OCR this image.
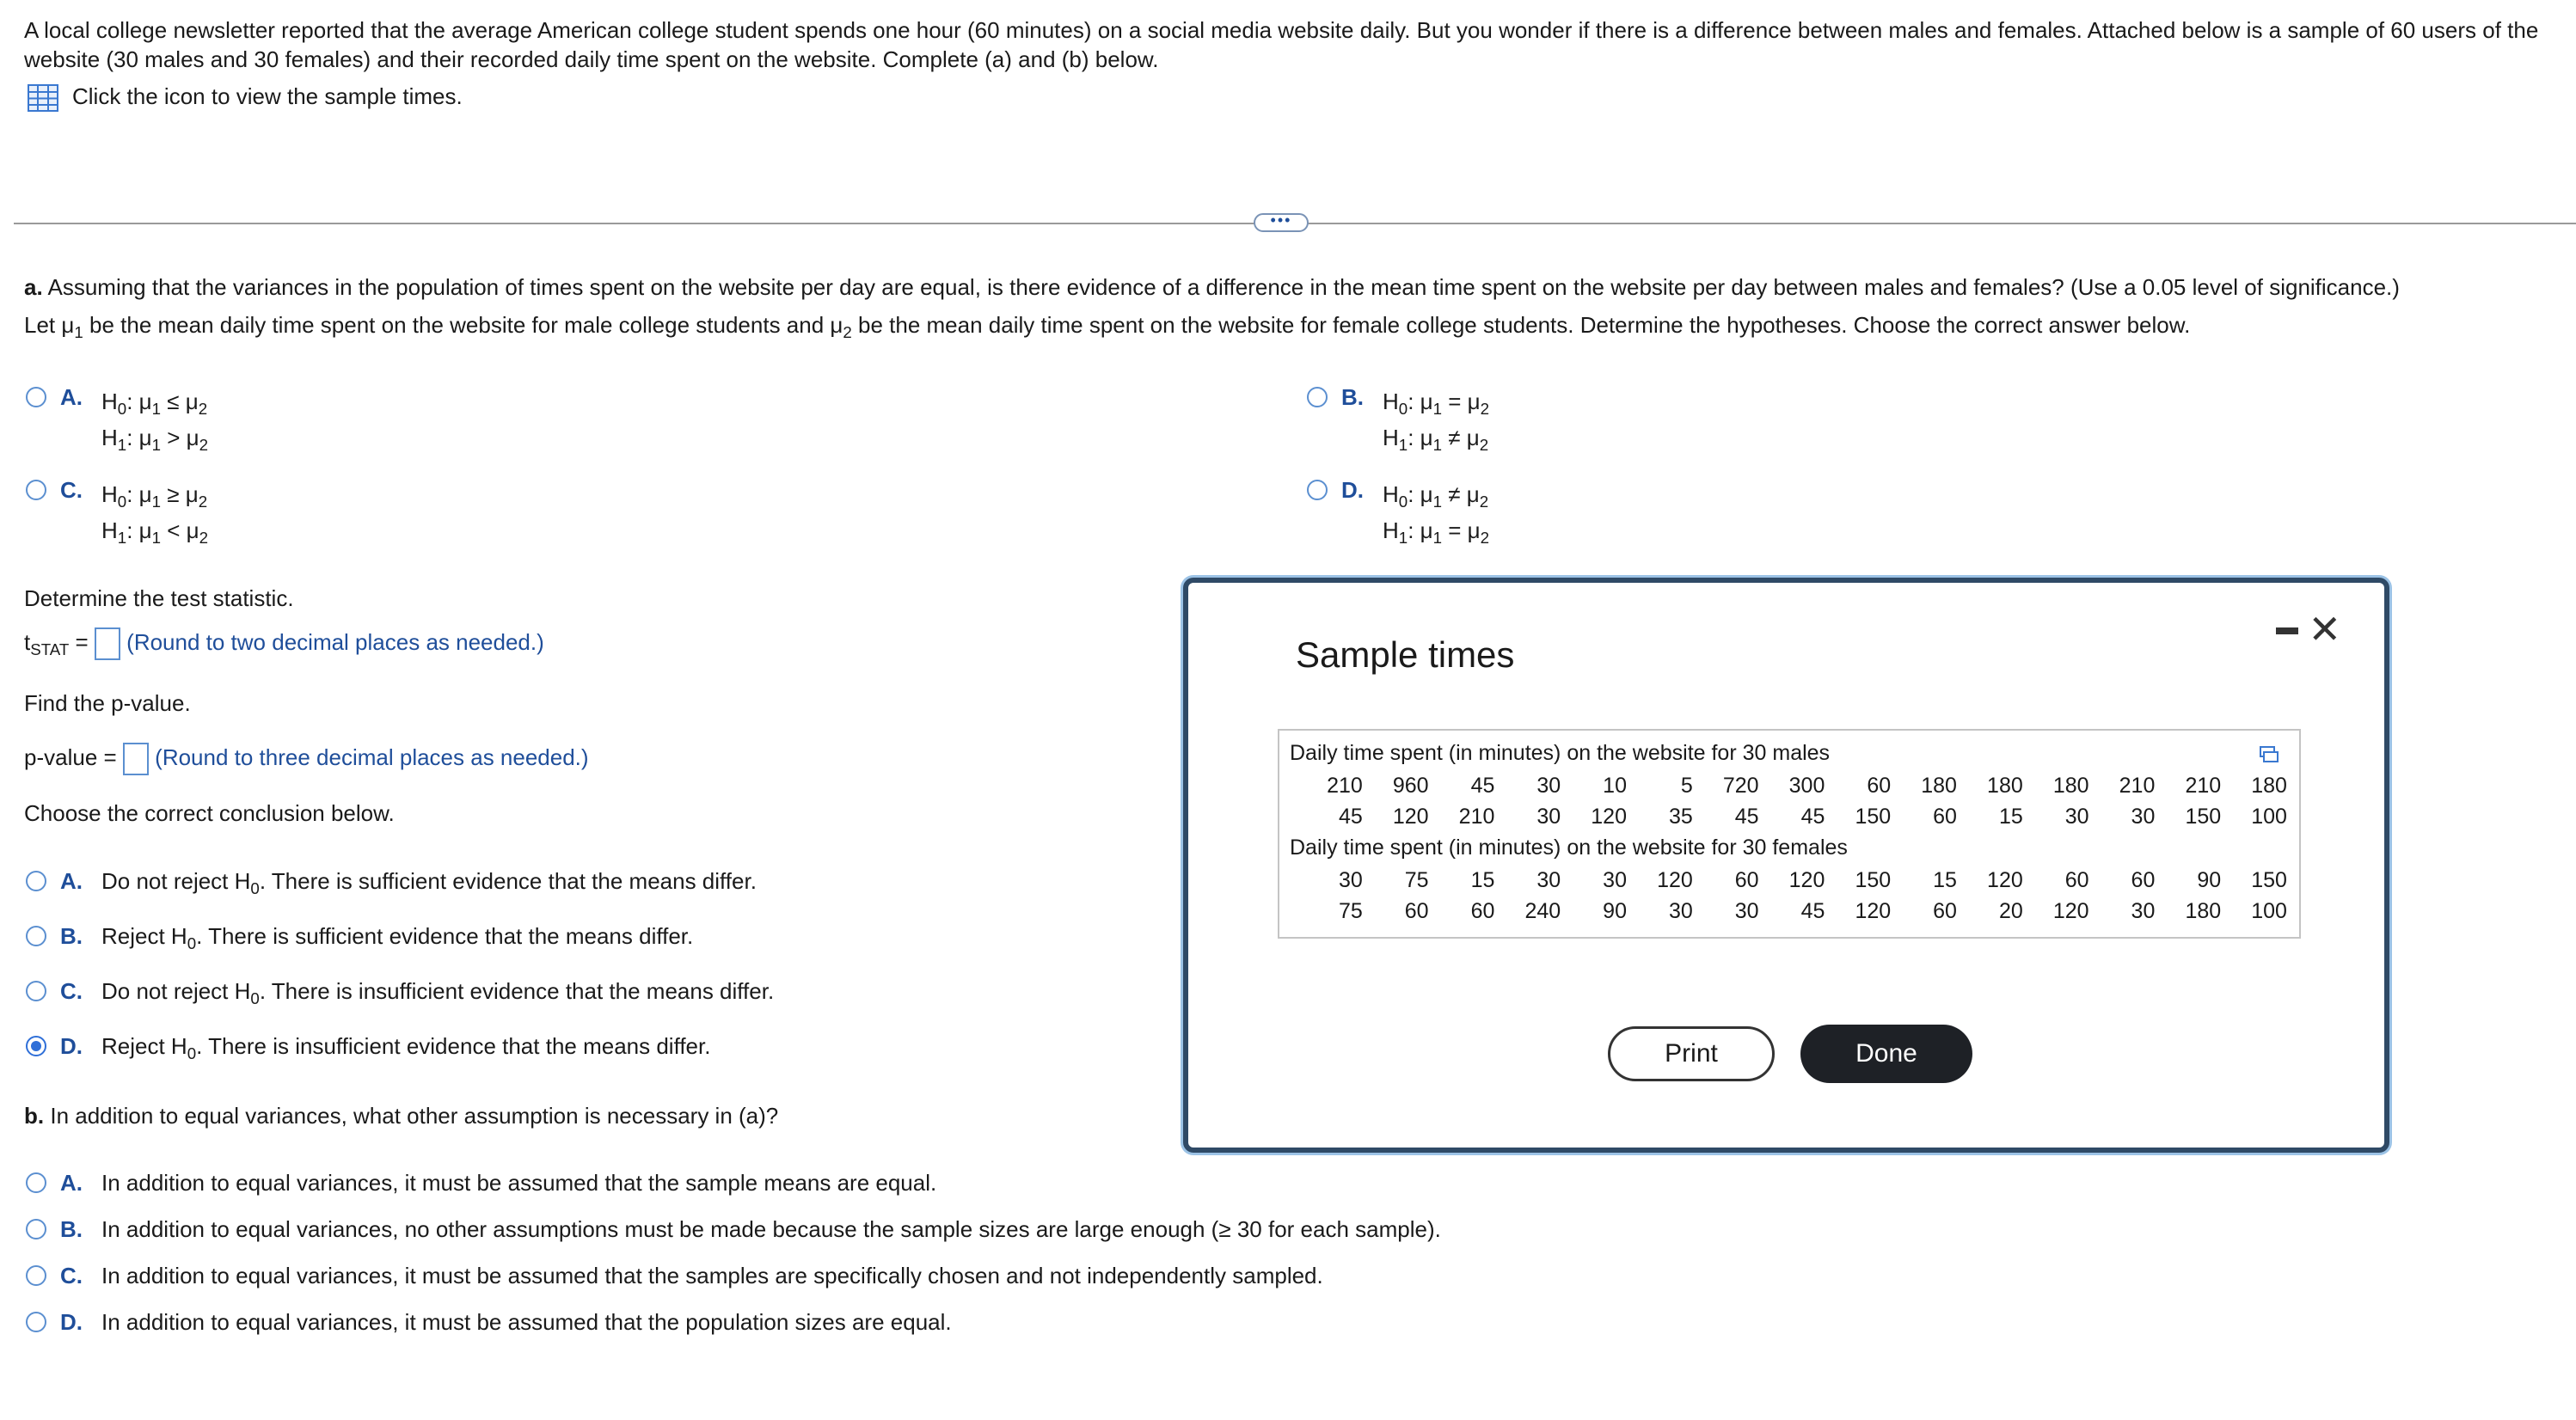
A local college newsletter reported that the average American college student spends one hour (60 minutes) on a social media website daily. But you wonder if there is a difference between males and females. Attached below is a sample of 60 users of the website (30 males and 30 females) and their recorded daily time spent on the website. Complete (a) and (b) below.
Click the icon to view the sample times.
•••
a. Assuming that the variances in the population of times spent on the website per day are equal, is there evidence of a difference in the mean time spent on the website per day between males and females? (Use a 0.05 level of significance.)
Let $\mu_1$ be the mean daily time spent on the website for male college students and $\mu_2$ be the mean daily time spent on the website for female college students. Determine the hypotheses. Choose the correct answer below.
A. $H_0$: $\mu_1 \le \mu_2$
$H_1$: $\mu_1 > \mu_2$
B. $H_0$: $\mu_1 = \mu_2$
$H_1$: $\mu_1 \ne \mu_2$
C. $H_0$: $\mu_1 \ge \mu_2$
$H_1$: $\mu_1 < \mu_2$
D. $H_0$: $\mu_1 \ne \mu_2$
$H_1$: $\mu_1 = \mu_2$
Determine the test statistic.
$t_{STAT}$ = (Round to two decimal places as needed.)
Find the p-value.
p-value = (Round to three decimal places as needed.)
Choose the correct conclusion below.
A. Do not reject $H_0$. There is sufficient evidence that the means differ.
B. Reject $H_0$. There is sufficient evidence that the means differ.
C. Do not reject $H_0$. There is insufficient evidence that the means differ.
D. Reject $H_0$. There is insufficient evidence that the means differ.
b. In addition to equal variances, what other assumption is necessary in (a)?
A. In addition to equal variances, it must be assumed that the sample means are equal.
B. In addition to equal variances, no other assumptions must be made because the sample sizes are large enough (≥ 30 for each sample).
C. In addition to equal variances, it must be assumed that the samples are specifically chosen and not independently sampled.
D. In addition to equal variances, it must be assumed that the population sizes are equal.
Sample times
✕
Daily time spent (in minutes) on the website for 30 males
210	960	45	30	10	5	720	300	60	180	180	180	210	210	180
45	120	210	30	120	35	45	45	150	60	15	30	30	150	100
Daily time spent (in minutes) on the website for 30 females
30	75	15	30	30	120	60	120	150	15	120	60	60	90	150
75	60	60	240	90	30	30	45	120	60	20	120	30	180	100
Print	Done
